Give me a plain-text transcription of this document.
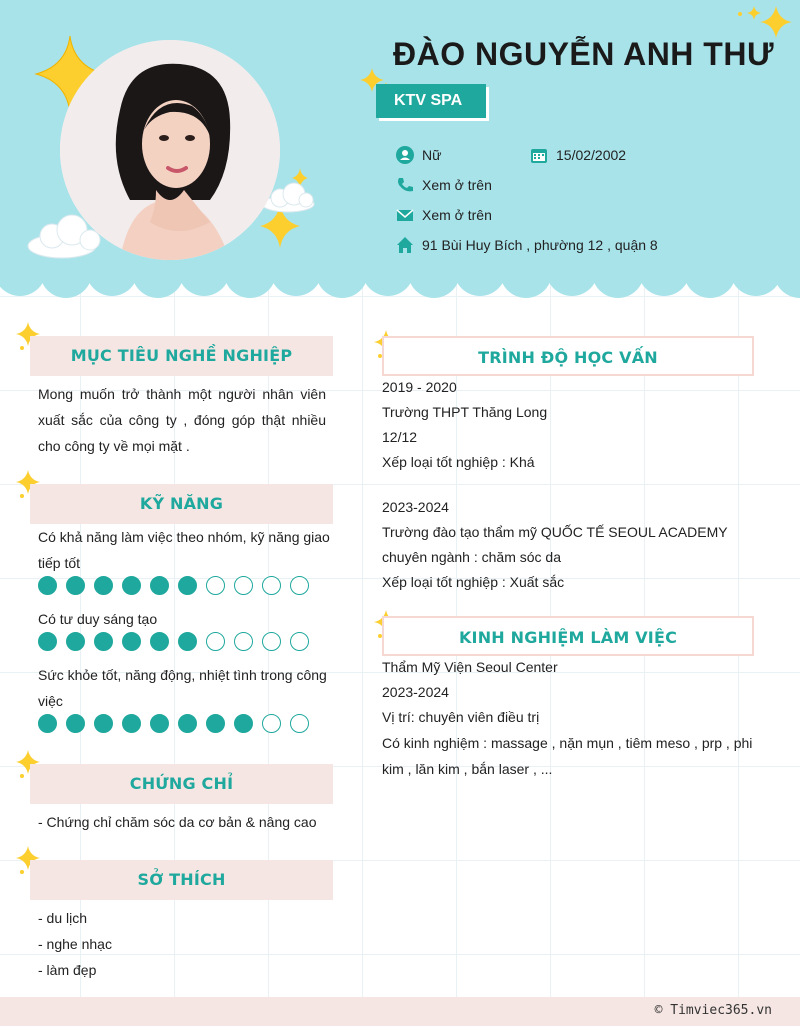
ĐÀO NGUYỄN ANH THƯ
KTV SPA
Nữ	15/02/2002
Xem ở trên
Xem ở trên
91 Bùi Huy Bích , phường 12 , quận 8
MỤC TIÊU NGHỀ NGHIỆP
Mong muốn trở thành một người nhân viên xuất sắc của công ty , đóng góp thật nhiều cho công ty về mọi mặt .
KỸ NĂNG
Có khả năng làm việc theo nhóm, kỹ năng giao tiếp tốt
Có tư duy sáng tạo
Sức khỏe tốt, năng động, nhiệt tình trong công việc
CHỨNG CHỈ
- Chứng chỉ chăm sóc da cơ bản & nâng cao
SỞ THÍCH
- du lịch
- nghe nhạc
- làm đẹp
TRÌNH ĐỘ HỌC VẤN
2019 - 2020
Trường THPT Thăng Long
12/12
Xếp loại tốt nghiệp : Khá
2023-2024
Trường đào tạo thẩm mỹ QUỐC TẾ SEOUL ACADEMY
chuyên ngành : chăm sóc da
Xếp loại tốt nghiệp : Xuất sắc
KINH NGHIỆM LÀM VIỆC
Thẩm Mỹ Viện Seoul Center
2023-2024
Vị trí: chuyên viên điều trị
Có kinh nghiệm : massage , nặn mụn , tiêm meso , prp , phi kim , lăn kim , bắn laser , ...
© Timviec365.vn
